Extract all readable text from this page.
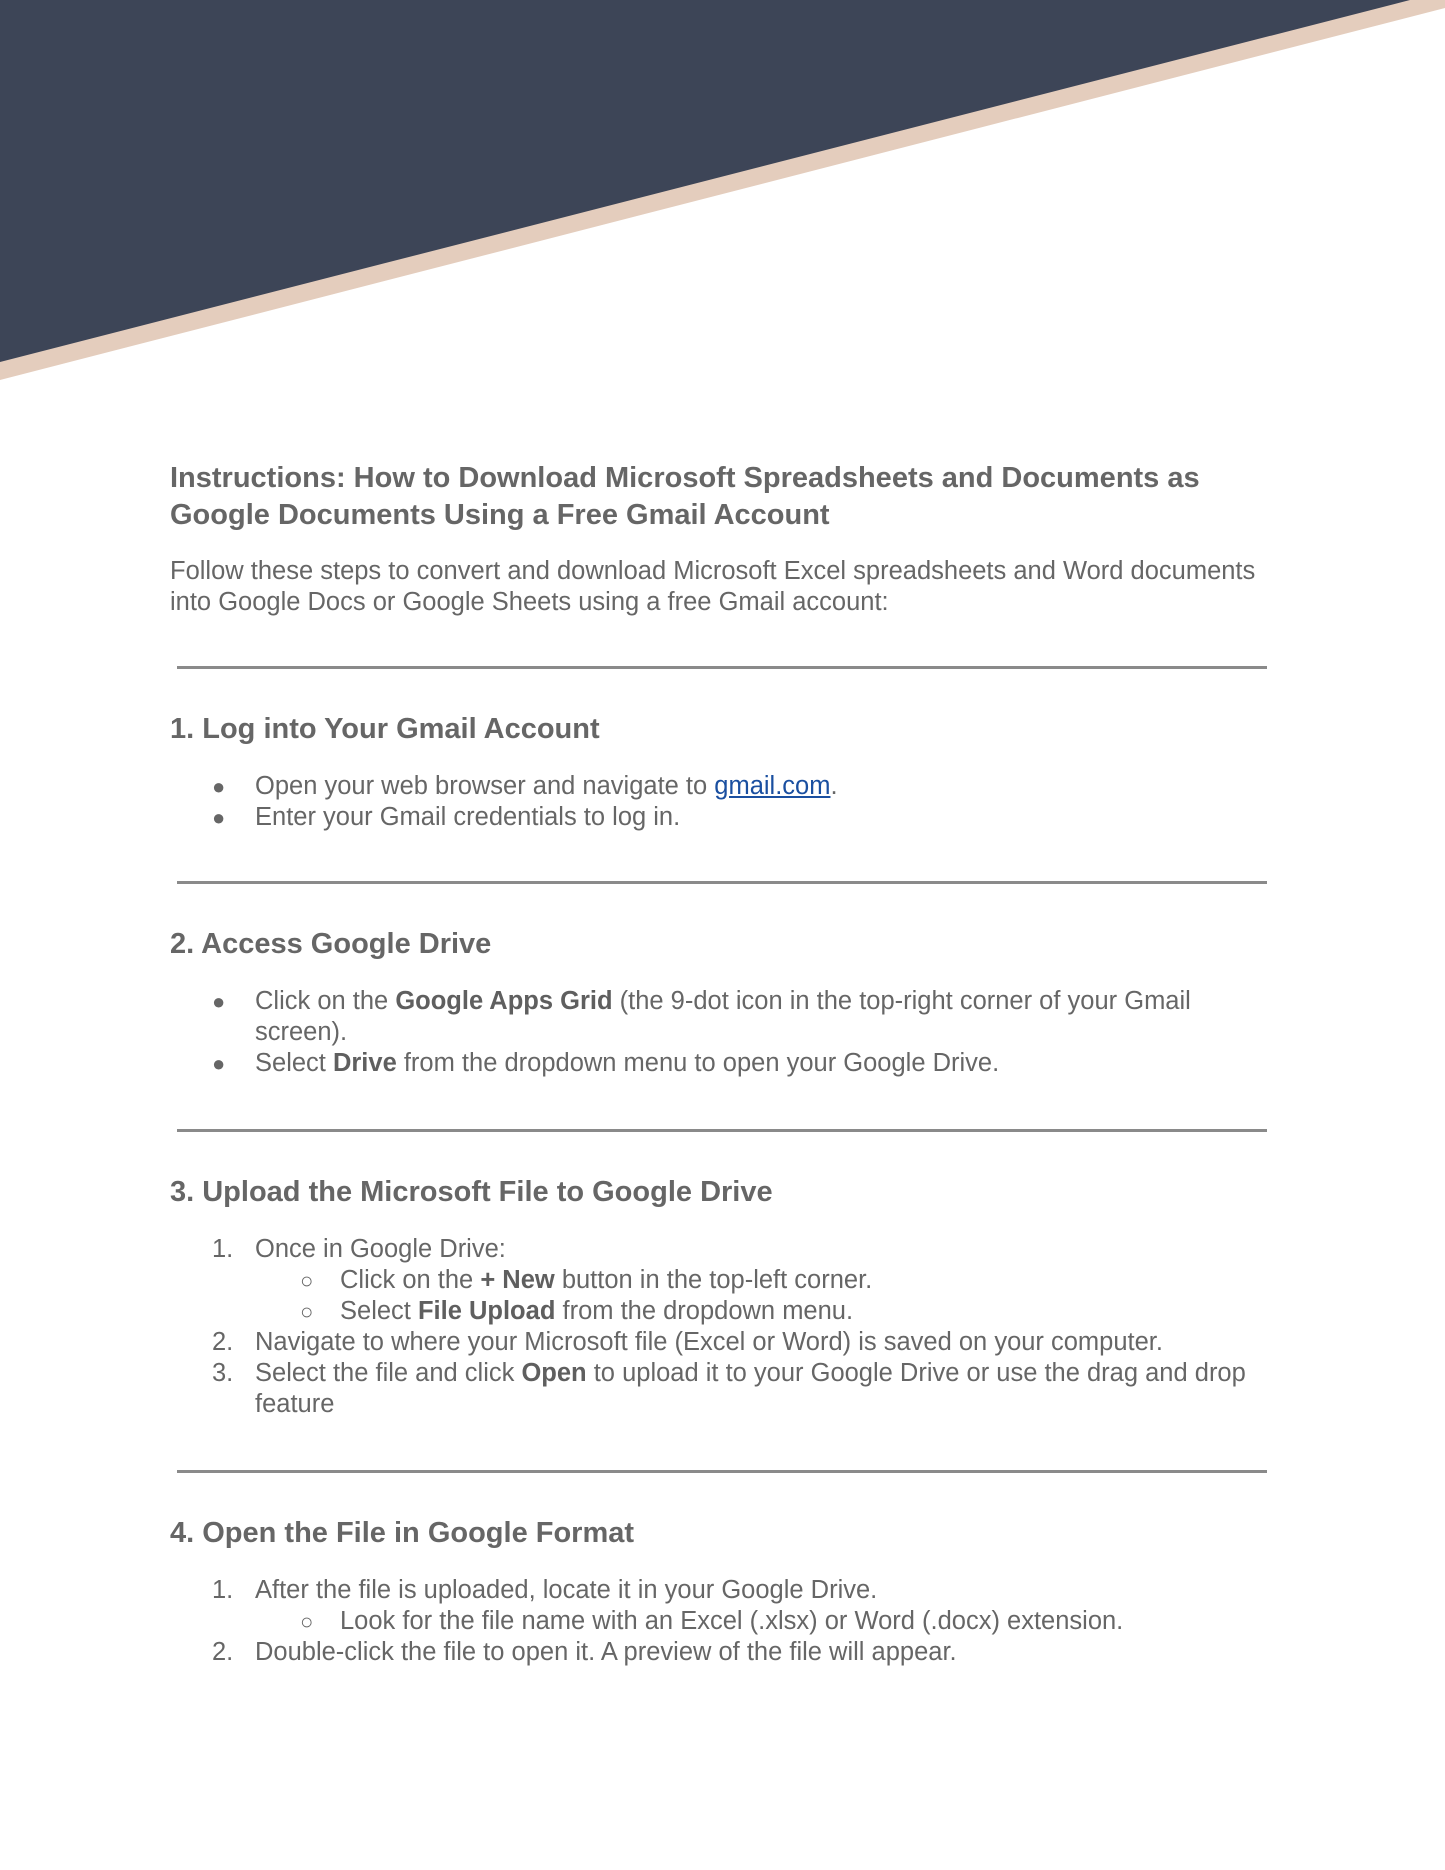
Instructions: How to Download Microsoft Spreadsheets and Documents as Google Documents Using a Free Gmail Account

Follow these steps to convert and download Microsoft Excel spreadsheets and Word documents into Google Docs or Google Sheets using a free Gmail account:

1. Log into Your Gmail Account
●	Open your web browser and navigate to gmail.com.
●	Enter your Gmail credentials to log in.
2. Access Google Drive
●	Click on the Google Apps Grid (the 9-dot icon in the top-right corner of your Gmail screen).
●	Select Drive from the dropdown menu to open your Google Drive.
3. Upload the Microsoft File to Google Drive
1. Once in Google Drive:
○	Click on the + New button in the top-left corner.
○	Select File Upload from the dropdown menu.
2. Navigate to where your Microsoft file (Excel or Word) is saved on your computer.
3. Select the file and click Open to upload it to your Google Drive or use the drag and drop feature
4. Open the File in Google Format
1. After the file is uploaded, locate it in your Google Drive.
○	Look for the file name with an Excel (.xlsx) or Word (.docx) extension.
2. Double-click the file to open it. A preview of the file will appear.
